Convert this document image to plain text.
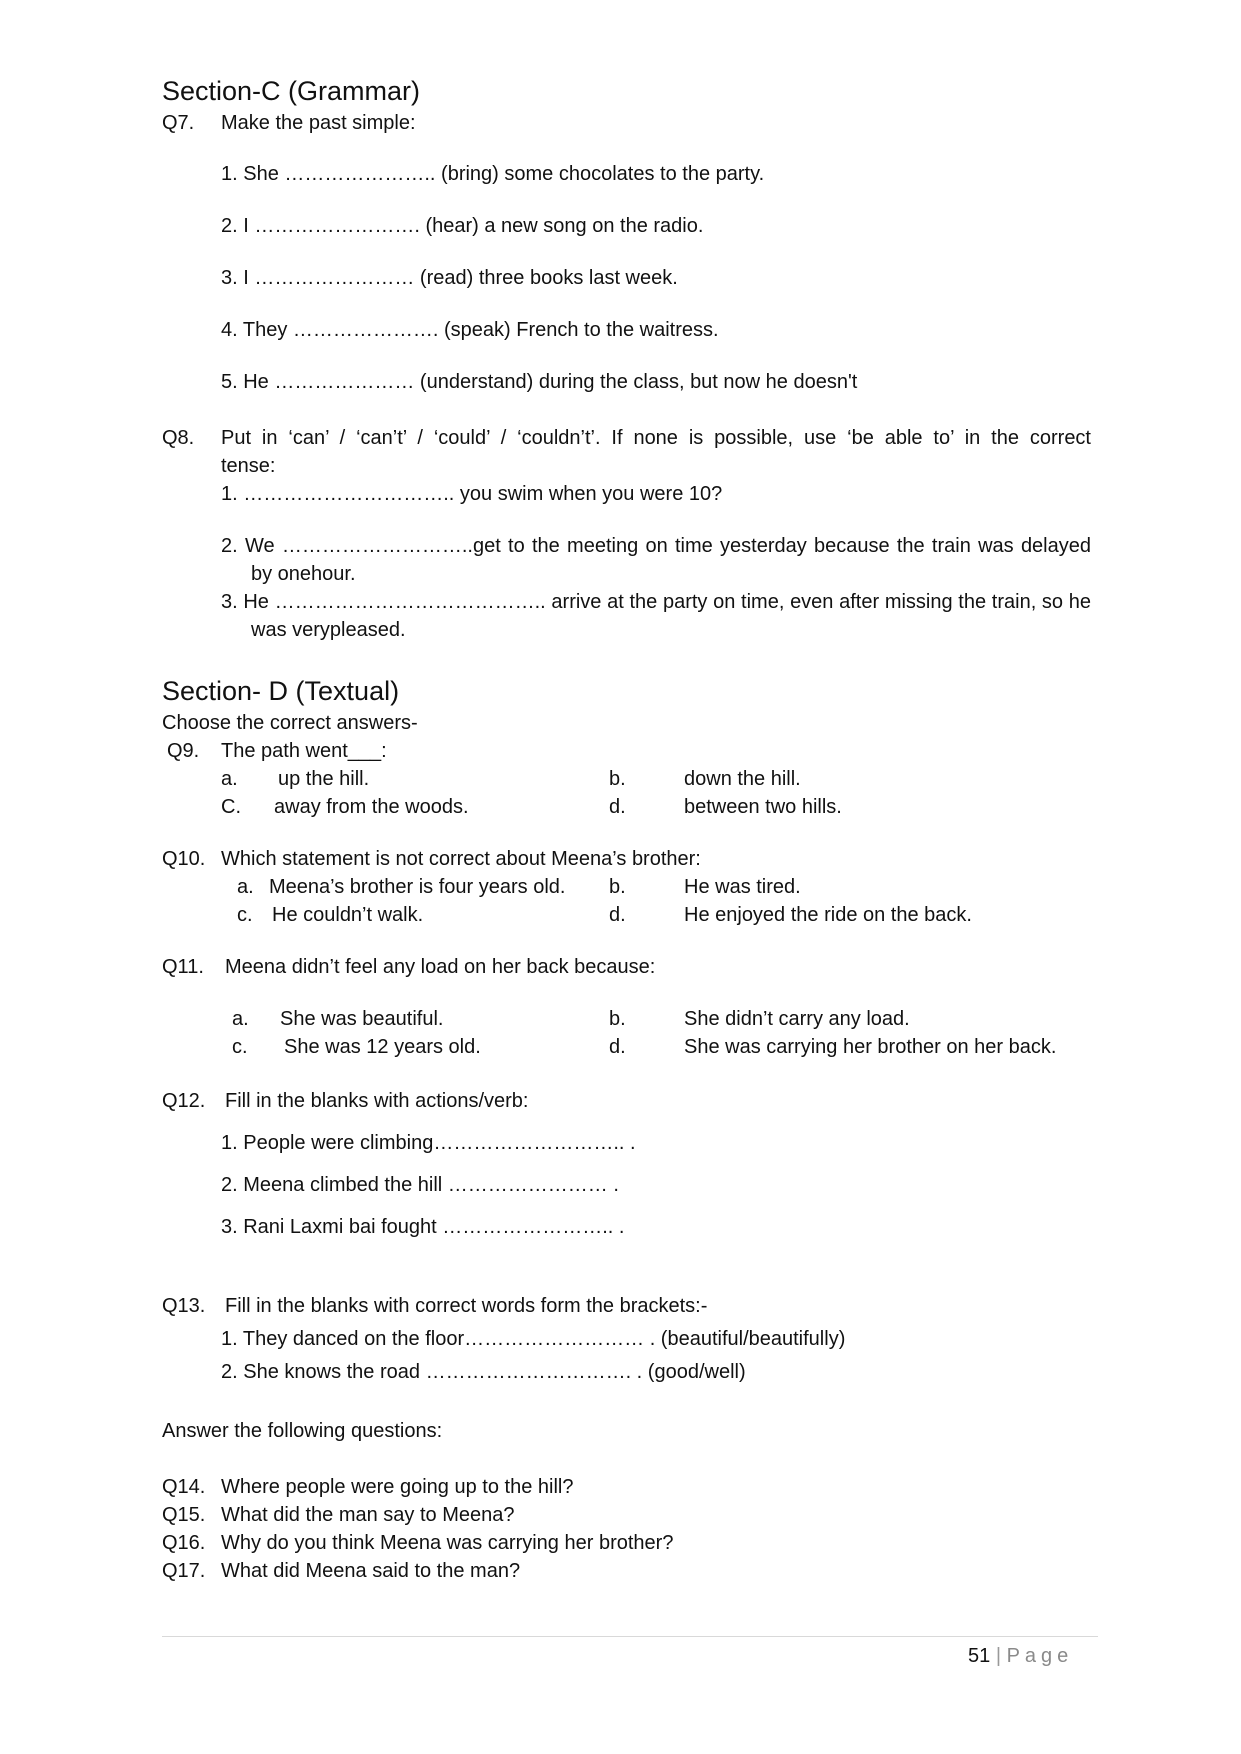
Section-C (Grammar)
Q7. Make the past simple:
1. She ………………….. (bring) some chocolates to the party.
2. I ……………………. (hear) a new song on the radio.
3. I …………………… (read) three books last week.
4. They …………………. (speak) French to the waitress.
5. He ………………… (understand) during the class, but now he doesn't
Q8. Put in ‘can’ / ‘can’t’ / ‘could’ / ‘couldn’t’. If none is possible, use ‘be able to’ in the correct
tense:
1. ………………………….. you swim when you were 10?
2. We ………………………..get to the meeting on time yesterday because the train was delayed
by onehour.
3. He ………………………………….. arrive at the party on time, even after missing the train, so he
was verypleased.
Section- D (Textual)
Choose the correct answers-
Q9. The path went___:
a. up the hill.	b.	down the hill.
C. away from the woods.	d.	between two hills.
Q10. Which statement is not correct about Meena’s brother:
a. Meena’s brother is four years old. b.	He was tired.
c. He couldn’t walk.	d.	He enjoyed the ride on the back.
Q11. Meena didn’t feel any load on her back because:
a. She was beautiful.	b.	She didn’t carry any load.
c. She was 12 years old.	d.	She was carrying her brother on her back.
Q12. Fill in the blanks with actions/verb:
1. People were climbing……………………….. .
2. Meena climbed the hill …………………… .
3. Rani Laxmi bai fought …………………….. .
Q13. Fill in the blanks with correct words form the brackets:-
1. They danced on the floor……………………… . (beautiful/beautifully)
2. She knows the road …………………………. . (good/well)
Answer the following questions:
Q14. Where people were going up to the hill?
Q15. What did the man say to Meena?
Q16. Why do you think Meena was carrying her brother?
Q17. What did Meena said to the man?
51 | Page
